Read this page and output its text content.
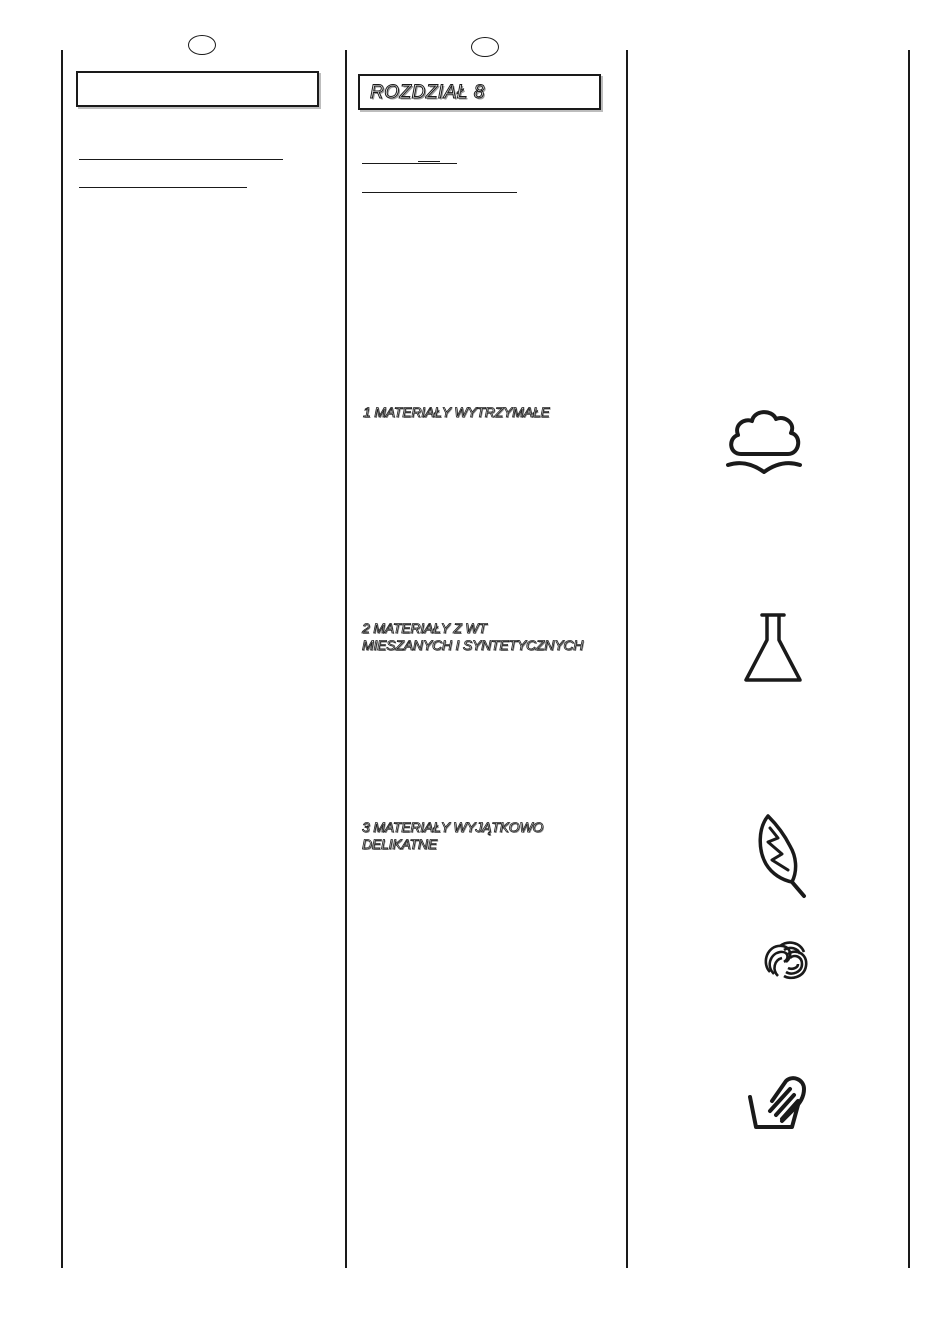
ROZDZIAŁ 8
1 MATERIAŁY WYTRZYMAŁE
2 MATERIAŁY Z WT
MIESZANYCH I SYNTETYCZNYCH
3 MATERIAŁY WYJĄTKOWO
DELIKATNE
